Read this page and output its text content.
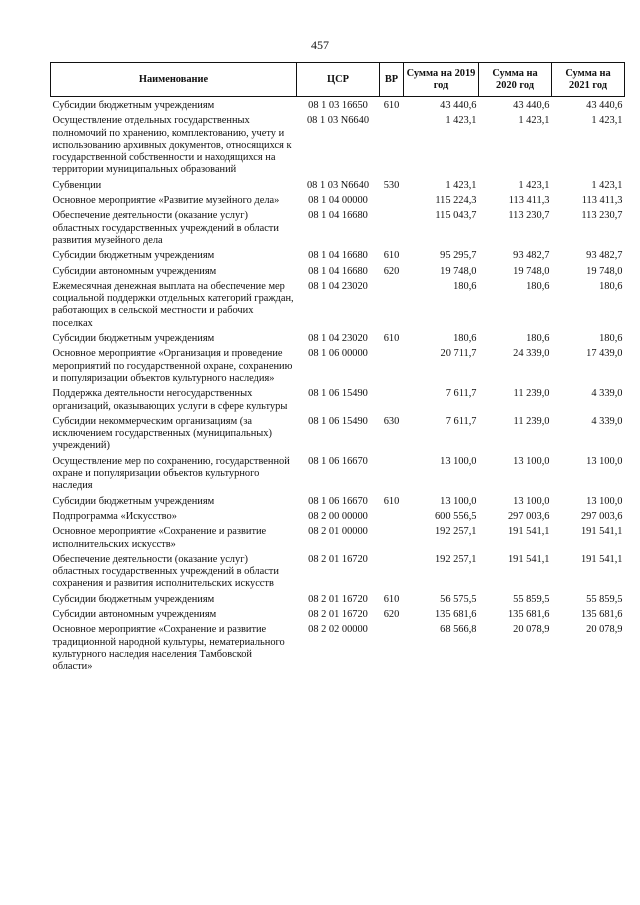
457
Наименование	ЦСР	ВР	Сумма на 2019 год	Сумма на 2020 год	Сумма на 2021 год
Субсидии бюджетным учреждениям	08 1 03 16650	610	43 440,6	43 440,6	43 440,6
Осуществление отдельных государственных полномочий по хранению, комплектованию, учету и использованию архивных документов, относящихся к государственной собственности и находящихся на территории муниципальных образований	08 1 03 N6640		1 423,1	1 423,1	1 423,1
Субвенции	08 1 03 N6640	530	1 423,1	1 423,1	1 423,1
Основное мероприятие «Развитие музейного дела»	08 1 04 00000		115 224,3	113 411,3	113 411,3
Обеспечение деятельности (оказание услуг) областных государственных учреждений в области развития музейного дела	08 1 04 16680		115 043,7	113 230,7	113 230,7
Субсидии бюджетным учреждениям	08 1 04 16680	610	95 295,7	93 482,7	93 482,7
Субсидии автономным учреждениям	08 1 04 16680	620	19 748,0	19 748,0	19 748,0
Ежемесячная денежная выплата на обеспечение мер социальной поддержки отдельных категорий граждан, работающих в сельской местности и рабочих поселках	08 1 04 23020		180,6	180,6	180,6
Субсидии бюджетным учреждениям	08 1 04 23020	610	180,6	180,6	180,6
Основное мероприятие «Организация и проведение мероприятий по государственной охране, сохранению и популяризации объектов культурного наследия»	08 1 06 00000		20 711,7	24 339,0	17 439,0
Поддержка деятельности негосударственных организаций, оказывающих услуги в сфере культуры	08 1 06 15490		7 611,7	11 239,0	4 339,0
Субсидии некоммерческим организациям (за исключением государственных (муниципальных) учреждений)	08 1 06 15490	630	7 611,7	11 239,0	4 339,0
Осуществление мер по сохранению, государственной охране и популяризации объектов культурного наследия	08 1 06 16670		13 100,0	13 100,0	13 100,0
Субсидии бюджетным учреждениям	08 1 06 16670	610	13 100,0	13 100,0	13 100,0
Подпрограмма «Искусство»	08 2 00 00000		600 556,5	297 003,6	297 003,6
Основное мероприятие «Сохранение и развитие исполнительских искусств»	08 2 01 00000		192 257,1	191 541,1	191 541,1
Обеспечение деятельности (оказание услуг) областных государственных учреждений в области сохранения и развития исполнительских искусств	08 2 01 16720		192 257,1	191 541,1	191 541,1
Субсидии бюджетным учреждениям	08 2 01 16720	610	56 575,5	55 859,5	55 859,5
Субсидии автономным учреждениям	08 2 01 16720	620	135 681,6	135 681,6	135 681,6
Основное мероприятие «Сохранение и развитие традиционной народной культуры, нематериального культурного наследия населения Тамбовской области»	08 2 02 00000		68 566,8	20 078,9	20 078,9
